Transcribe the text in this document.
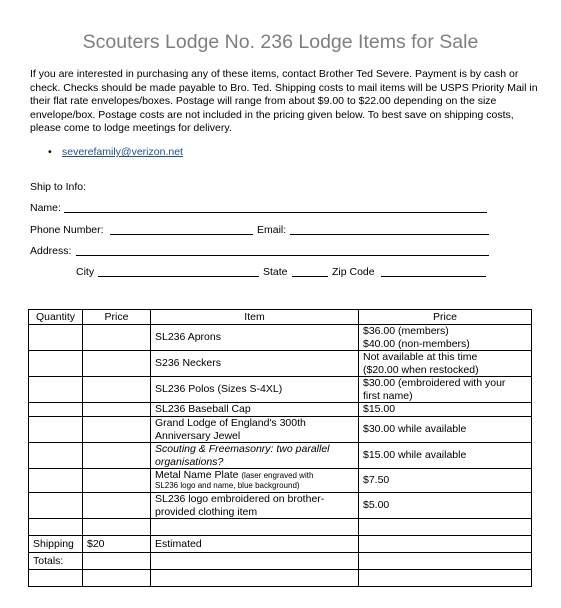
Scouters Lodge No. 236 Lodge Items for Sale
If you are interested in purchasing any of these items, contact Brother Ted Severe. Payment is by cash or check. Checks should be made payable to Bro. Ted. Shipping costs to mail items will be USPS Priority Mail in their flat rate envelopes/boxes. Postage will range from about $9.00 to $22.00 depending on the size envelope/box. Postage costs are not included in the pricing given below. To best save on shipping costs, please come to lodge meetings for delivery.
• severefamily@verizon.net
Ship to Info:
Name:
Phone Number:	Email:
Address:
City	State	Zip Code
Quantity	Price	Item	Price
		SL236 Aprons	$36.00 (members)
$40.00 (non-members)

		S236 Neckers	Not available at this time
($20.00 when restocked)

		SL236 Polos (Sizes S-4XL)	$30.00 (embroidered with your
first name)

		SL236 Baseball Cap	$15.00

		Grand Lodge of England's 300th
Anniversary Jewel	$30.00 while available

		Scouting & Freemasonry: two parallel
organisations?	$15.00 while available

		Metal Name Plate (laser engraved with
SL236 logo and name, blue background)	$7.50

		SL236 logo embroidered on brother-
provided clothing item	$5.00

Shipping	$20	Estimated	
Totals:			
